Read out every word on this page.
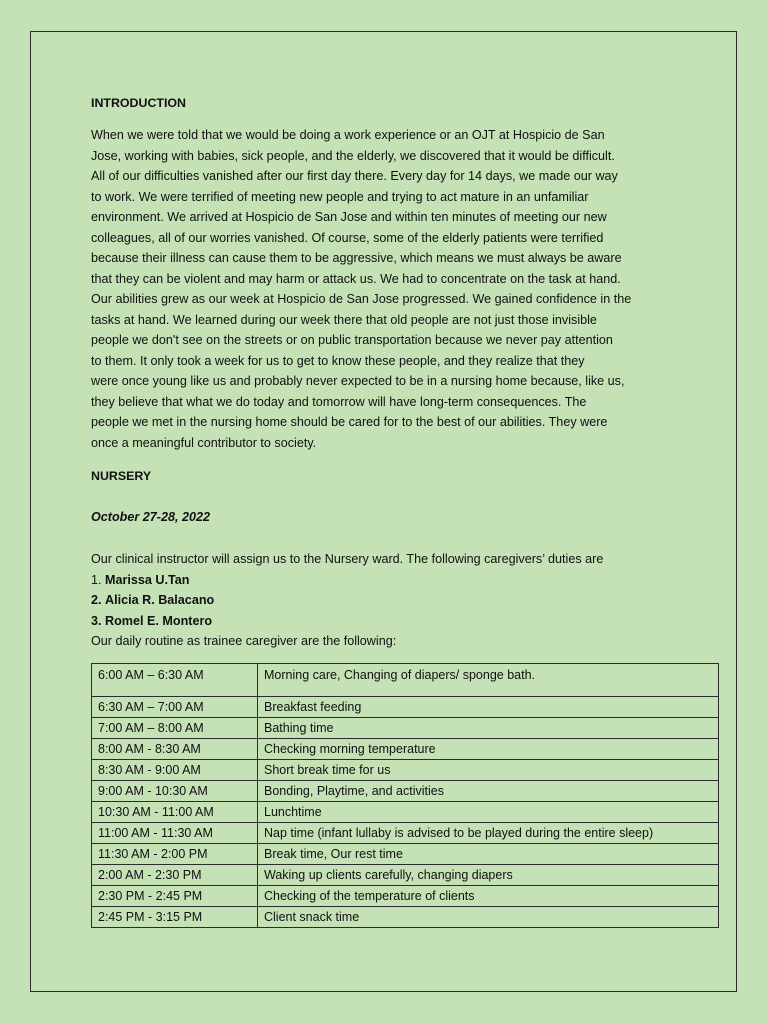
INTRODUCTION
When we were told that we would be doing a work experience or an OJT at Hospicio de San
Jose, working with babies, sick people, and the elderly, we discovered that it would be difficult.
All of our difficulties vanished after our first day there. Every day for 14 days, we made our way
to work. We were terrified of meeting new people and trying to act mature in an unfamiliar
environment. We arrived at Hospicio de San Jose and within ten minutes of meeting our new
colleagues, all of our worries vanished. Of course, some of the elderly patients were terrified
because their illness can cause them to be aggressive, which means we must always be aware
that they can be violent and may harm or attack us. We had to concentrate on the task at hand.
Our abilities grew as our week at Hospicio de San Jose progressed. We gained confidence in the
tasks at hand. We learned during our week there that old people are not just those invisible
people we don't see on the streets or on public transportation because we never pay attention
to them. It only took a week for us to get to know these people, and they realize that they
were once young like us and probably never expected to be in a nursing home because, like us,
they believe that what we do today and tomorrow will have long-term consequences. The
people we met in the nursing home should be cared for to the best of our abilities. They were
once a meaningful contributor to society.
NURSERY
October 27-28, 2022
Our clinical instructor will assign us to the Nursery ward. The following caregivers’ duties are
1. Marissa U.Tan
2. Alicia R. Balacano
3. Romel E. Montero
Our daily routine as trainee caregiver are the following:
6:00 AM – 6:30 AM	Morning care, Changing of diapers/ sponge bath.
6:30 AM – 7:00 AM	Breakfast feeding
7:00 AM – 8:00 AM	Bathing time
8:00 AM - 8:30 AM	Checking morning temperature
8:30 AM - 9:00 AM	Short break time for us
9:00 AM - 10:30 AM	Bonding, Playtime, and activities
10:30 AM - 11:00 AM	Lunchtime
11:00 AM - 11:30 AM	Nap time (infant lullaby is advised to be played during the entire sleep)
11:30 AM - 2:00 PM	Break time, Our rest time
2:00 AM - 2:30 PM	Waking up clients carefully, changing diapers
2:30 PM - 2:45 PM	Checking of the temperature of clients
2:45 PM - 3:15 PM	Client snack time
